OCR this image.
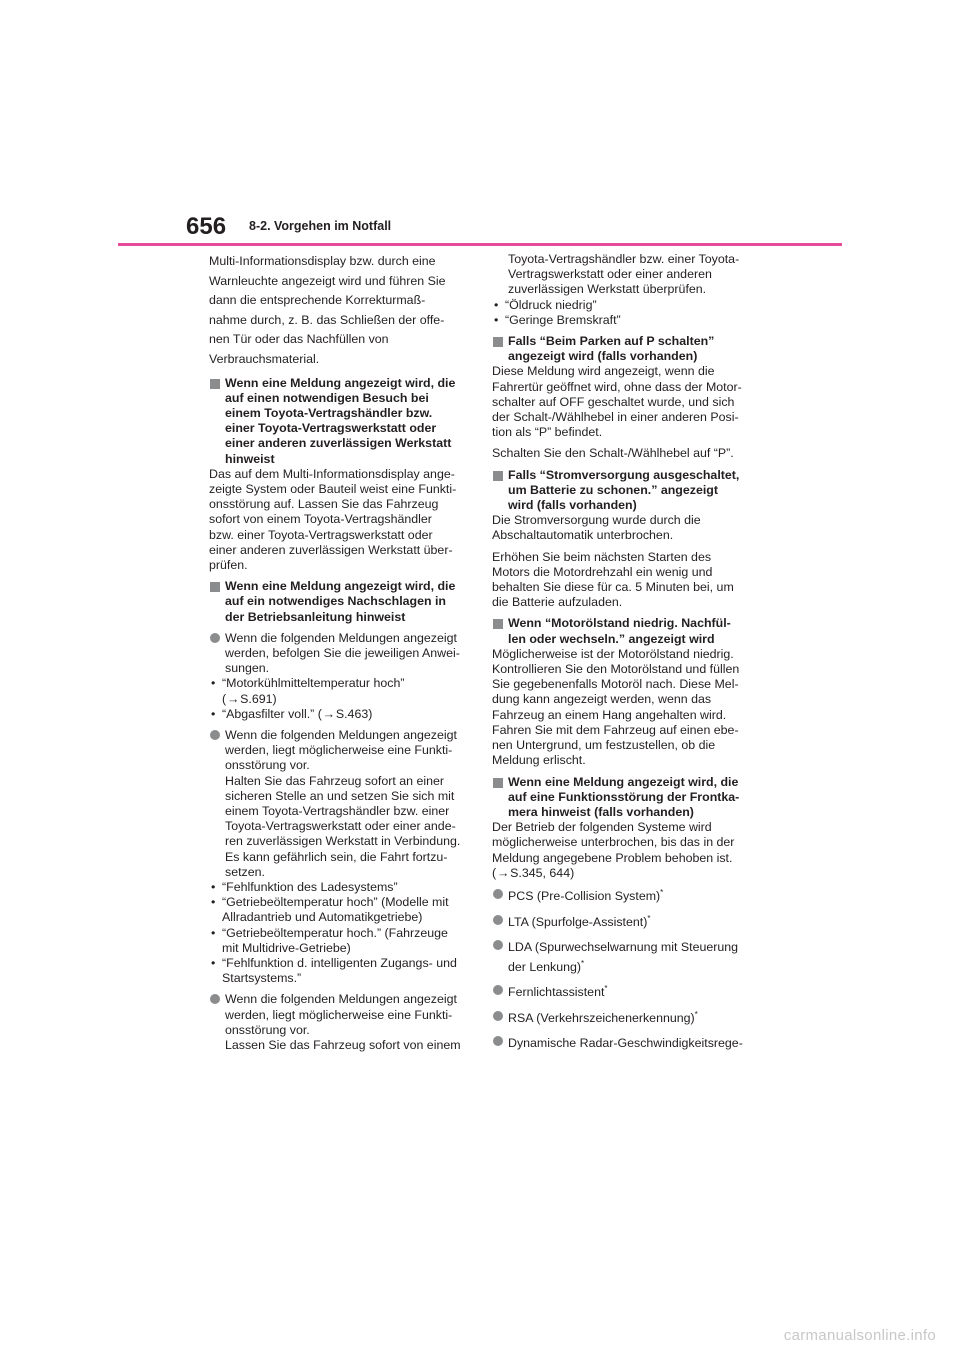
656 8-2. Vorgehen im Notfall

Multi-Informationsdisplay bzw. durch eine

Warnleuchte angezeigt wird und führen Sie

dann die entsprechende Korrekturmaß-

nahme durch, z. B. das Schließen der offe-

nen Tür oder das Nachfüllen von

Verbrauchsmaterial.

Wenn eine Meldung angezeigt wird, die

auf einen notwendigen Besuch bei

einem Toyota-Vertragshändler bzw.

einer Toyota-Vertragswerkstatt oder

einer anderen zuverlässigen Werkstatt

hinweist

Das auf dem Multi-Informationsdisplay ange-

zeigte System oder Bauteil weist eine Funkti-

onsstörung auf. Lassen Sie das Fahrzeug

sofort von einem Toyota-Vertragshändler

bzw. einer Toyota-Vertragswerkstatt oder

einer anderen zuverlässigen Werkstatt über-

prüfen.

Wenn eine Meldung angezeigt wird, die

auf ein notwendiges Nachschlagen in

der Betriebsanleitung hinweist

Wenn die folgenden Meldungen angezeigt

werden, befolgen Sie die jeweiligen Anwei-

sungen.

• “Motorkühlmitteltemperatur hoch”

(→S.691)

• “Abgasfilter voll.” (→S.463)

Wenn die folgenden Meldungen angezeigt

werden, liegt möglicherweise eine Funkti-

onsstörung vor.

Halten Sie das Fahrzeug sofort an einer

sicheren Stelle an und setzen Sie sich mit

einem Toyota-Vertragshändler bzw. einer

Toyota-Vertragswerkstatt oder einer ande-

ren zuverlässigen Werkstatt in Verbindung.

Es kann gefährlich sein, die Fahrt fortzu-

setzen.

• “Fehlfunktion des Ladesystems”

• “Getriebeöltemperatur hoch” (Modelle mit

Allradantrieb und Automatikgetriebe)

• “Getriebeöltemperatur hoch.” (Fahrzeuge

mit Multidrive-Getriebe)

• “Fehlfunktion d. intelligenten Zugangs- und

Startsystems.”

Wenn die folgenden Meldungen angezeigt

werden, liegt möglicherweise eine Funkti-

onsstörung vor.

Lassen Sie das Fahrzeug sofort von einem

Toyota-Vertragshändler bzw. einer Toyota-

Vertragswerkstatt oder einer anderen

zuverlässigen Werkstatt überprüfen.

• “Öldruck niedrig”

• “Geringe Bremskraft”

Falls “Beim Parken auf P schalten”

angezeigt wird (falls vorhanden)

Diese Meldung wird angezeigt, wenn die

Fahrertür geöffnet wird, ohne dass der Motor-

schalter auf OFF geschaltet wurde, und sich

der Schalt-/Wählhebel in einer anderen Posi-

tion als “P” befindet.

Schalten Sie den Schalt-/Wählhebel auf “P”.

Falls “Stromversorgung ausgeschaltet,

um Batterie zu schonen.” angezeigt

wird (falls vorhanden)

Die Stromversorgung wurde durch die

Abschaltautomatik unterbrochen.

Erhöhen Sie beim nächsten Starten des

Motors die Motordrehzahl ein wenig und

behalten Sie diese für ca. 5 Minuten bei, um

die Batterie aufzuladen.

Wenn “Motorölstand niedrig. Nachfül-

len oder wechseln.” angezeigt wird

Möglicherweise ist der Motorölstand niedrig.

Kontrollieren Sie den Motorölstand und füllen

Sie gegebenenfalls Motoröl nach. Diese Mel-

dung kann angezeigt werden, wenn das

Fahrzeug an einem Hang angehalten wird.

Fahren Sie mit dem Fahrzeug auf einen ebe-

nen Untergrund, um festzustellen, ob die

Meldung erlischt.

Wenn eine Meldung angezeigt wird, die

auf eine Funktionsstörung der Frontka-

mera hinweist (falls vorhanden)

Der Betrieb der folgenden Systeme wird

möglicherweise unterbrochen, bis das in der

Meldung angegebene Problem behoben ist.

(→S.345, 644)

PCS (Pre-Collision System)*
LTA (Spurfolge-Assistent)*

LDA (Spurwechselwarnung mit Steuerung

der Lenkung)*

Fernlichtassistent*
RSA (Verkehrszeichenerkennung)*
Dynamische Radar-Geschwindigkeitsrege-
carmanualsonline.info
